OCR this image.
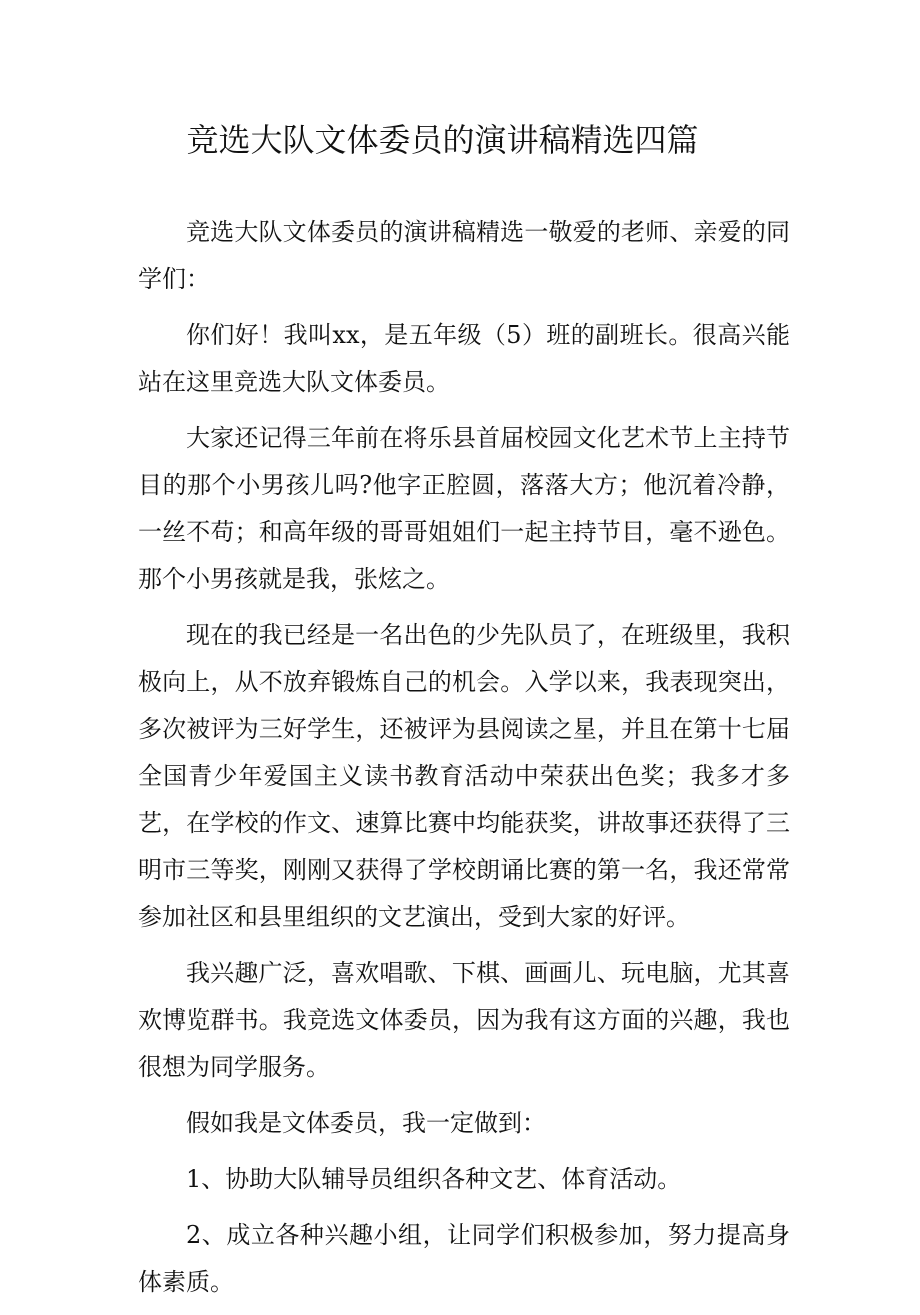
竞选大队文体委员的演讲稿精选四篇

竞选大队文体委员的演讲稿精选一敬爱的老师、亲爱的同学们：

你们好！我叫xx，是五年级（5）班的副班长。很高兴能站在这里竞选大队文体委员。

大家还记得三年前在将乐县首届校园文化艺术节上主持节目的那个小男孩儿吗?他字正腔圆，落落大方；他沉着冷静，一丝不苟；和高年级的哥哥姐姐们一起主持节目，毫不逊色。那个小男孩就是我，张炫之。

现在的我已经是一名出色的少先队员了，在班级里，我积极向上，从不放弃锻炼自己的机会。入学以来，我表现突出，多次被评为三好学生，还被评为县阅读之星，并且在第十七届全国青少年爱国主义读书教育活动中荣获出色奖；我多才多艺，在学校的作文、速算比赛中均能获奖，讲故事还获得了三明市三等奖，刚刚又获得了学校朗诵比赛的第一名，我还常常参加社区和县里组织的文艺演出，受到大家的好评。

我兴趣广泛，喜欢唱歌、下棋、画画儿、玩电脑，尤其喜欢博览群书。我竞选文体委员，因为我有这方面的兴趣，我也很想为同学服务。

假如我是文体委员，我一定做到：

1、协助大队辅导员组织各种文艺、体育活动。

2、成立各种兴趣小组，让同学们积极参加，努力提高身体素质。
